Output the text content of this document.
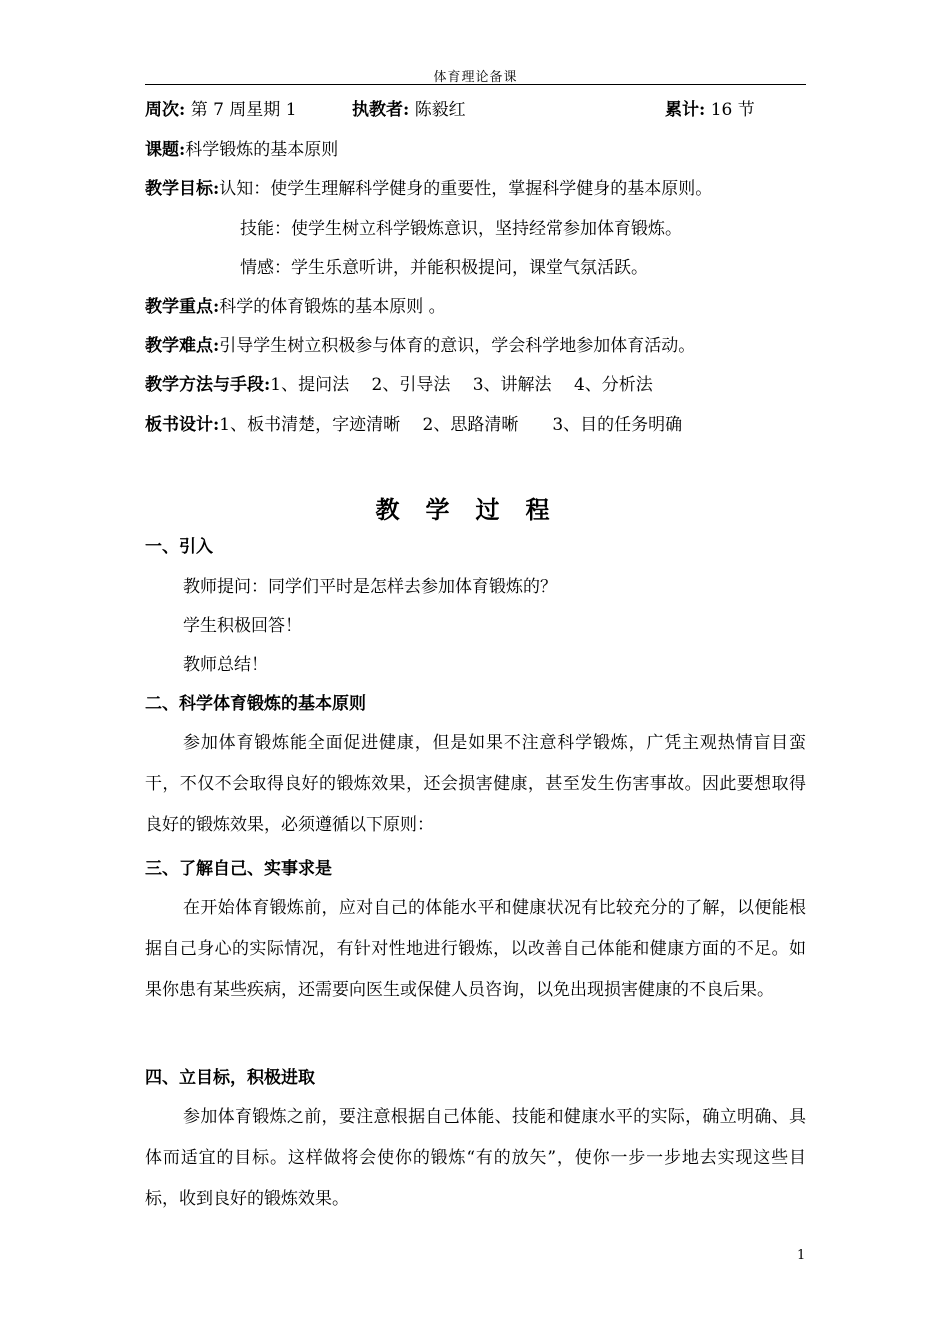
体育理论备课
周次: 第 7 周星期 1	执教者: 陈毅红	累计: 16 节
课题:科学锻炼的基本原则
教学目标:认知：使学生理解科学健身的重要性，掌握科学健身的基本原则。
技能：使学生树立科学锻炼意识，坚持经常参加体育锻炼。
情感：学生乐意听讲，并能积极提问，课堂气氛活跃。
教学重点:科学的体育锻炼的基本原则 。
教学难点:引导学生树立积极参与体育的意识，学会科学地参加体育活动。
教学方法与手段:1、提问法　 2、引导法　 3、讲解法　 4、分析法
板书设计:1、板书清楚，字迹清晰　 2、思路清晰　　3、目的任务明确
教学过程
一、引入
教师提问：同学们平时是怎样去参加体育锻炼的？
学生积极回答！
教师总结！
二、科学体育锻炼的基本原则
参加体育锻炼能全面促进健康，但是如果不注意科学锻炼，广凭主观热情盲目蛮干，不仅不会取得良好的锻炼效果，还会损害健康，甚至发生伤害事故。因此要想取得良好的锻炼效果，必须遵循以下原则：
三、了解自己、实事求是
在开始体育锻炼前，应对自己的体能水平和健康状况有比较充分的了解，以便能根据自己身心的实际情况，有针对性地进行锻炼，以改善自己体能和健康方面的不足。如果你患有某些疾病，还需要向医生或保健人员咨询，以免出现损害健康的不良后果。
四、立目标，积极进取
参加体育锻炼之前，要注意根据自己体能、技能和健康水平的实际，确立明确、具体而适宜的目标。这样做将会使你的锻炼“有的放矢”，使你一步一步地去实现这些目标，收到良好的锻炼效果。
1
